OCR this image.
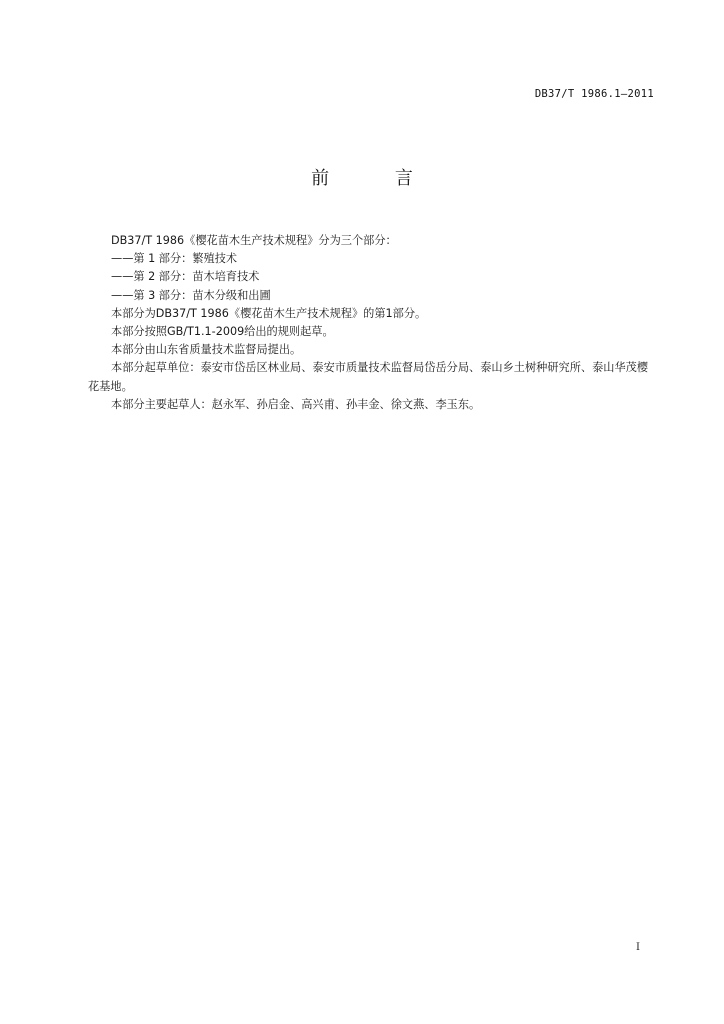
DB37/T 1986.1—2011
前 言

DB37/T 1986《樱花苗木生产技术规程》分为三个部分：

——第 1 部分：繁殖技术

——第 2 部分：苗木培育技术

——第 3 部分：苗木分级和出圃

本部分为DB37/T 1986《樱花苗木生产技术规程》的第1部分。

本部分按照GB/T1.1-2009给出的规则起草。

本部分由山东省质量技术监督局提出。

本部分起草单位：泰安市岱岳区林业局、泰安市质量技术监督局岱岳分局、泰山乡土树种研究所、泰山华茂樱花基地。

本部分主要起草人：赵永军、孙启金、高兴甫、孙丰金、徐文燕、李玉东。

I
